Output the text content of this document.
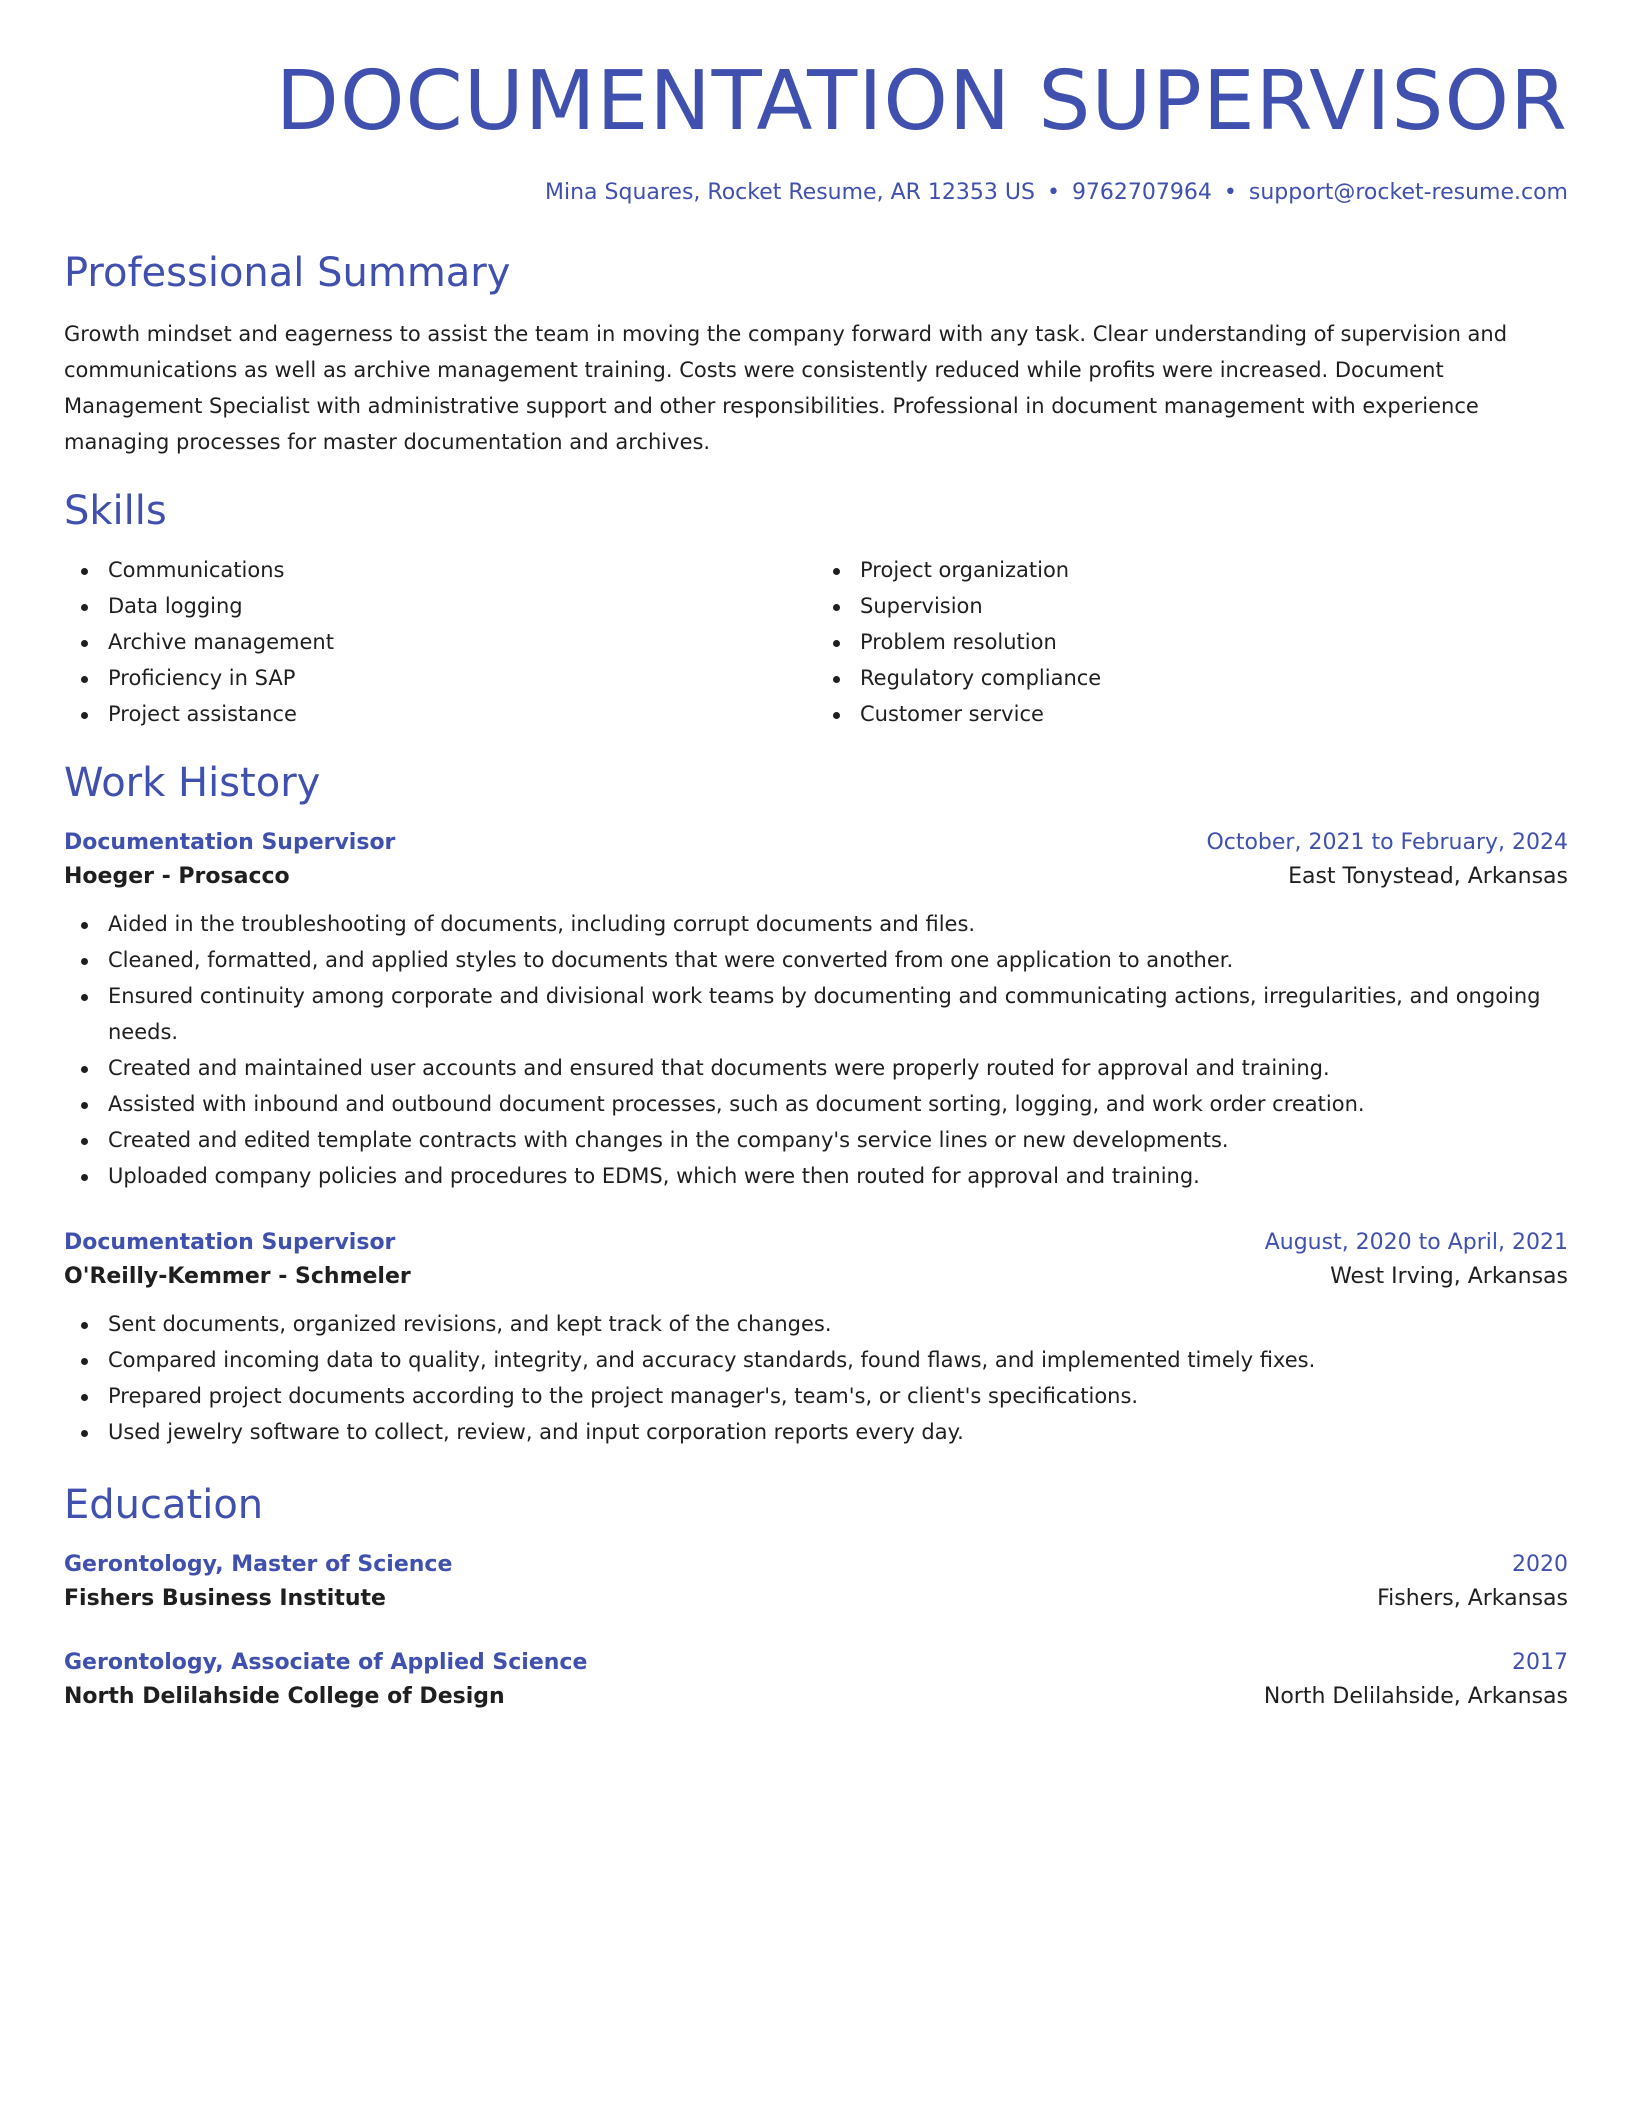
DOCUMENTATION SUPERVISOR
Mina Squares, Rocket Resume, AR 12353 US • 9762707964 • support@rocket-resume.com
Professional Summary
Growth mindset and eagerness to assist the team in moving the company forward with any task. Clear understanding of supervision and communications as well as archive management training. Costs were consistently reduced while profits were increased. Document Management Specialist with administrative support and other responsibilities. Professional in document management with experience managing processes for master documentation and archives.
Skills
Communications
Data logging
Archive management
Proficiency in SAP
Project assistance
Project organization
Supervision
Problem resolution
Regulatory compliance
Customer service
Work History
Documentation Supervisor	October, 2021 to February, 2024
Hoeger - Prosacco	East Tonystead, Arkansas
Aided in the troubleshooting of documents, including corrupt documents and files.
Cleaned, formatted, and applied styles to documents that were converted from one application to another.
Ensured continuity among corporate and divisional work teams by documenting and communicating actions, irregularities, and ongoing needs.
Created and maintained user accounts and ensured that documents were properly routed for approval and training.
Assisted with inbound and outbound document processes, such as document sorting, logging, and work order creation.
Created and edited template contracts with changes in the company's service lines or new developments.
Uploaded company policies and procedures to EDMS, which were then routed for approval and training.
Documentation Supervisor	August, 2020 to April, 2021
O'Reilly-Kemmer - Schmeler	West Irving, Arkansas
Sent documents, organized revisions, and kept track of the changes.
Compared incoming data to quality, integrity, and accuracy standards, found flaws, and implemented timely fixes.
Prepared project documents according to the project manager's, team's, or client's specifications.
Used jewelry software to collect, review, and input corporation reports every day.
Education
Gerontology, Master of Science	2020
Fishers Business Institute	Fishers, Arkansas
Gerontology, Associate of Applied Science	2017
North Delilahside College of Design	North Delilahside, Arkansas
